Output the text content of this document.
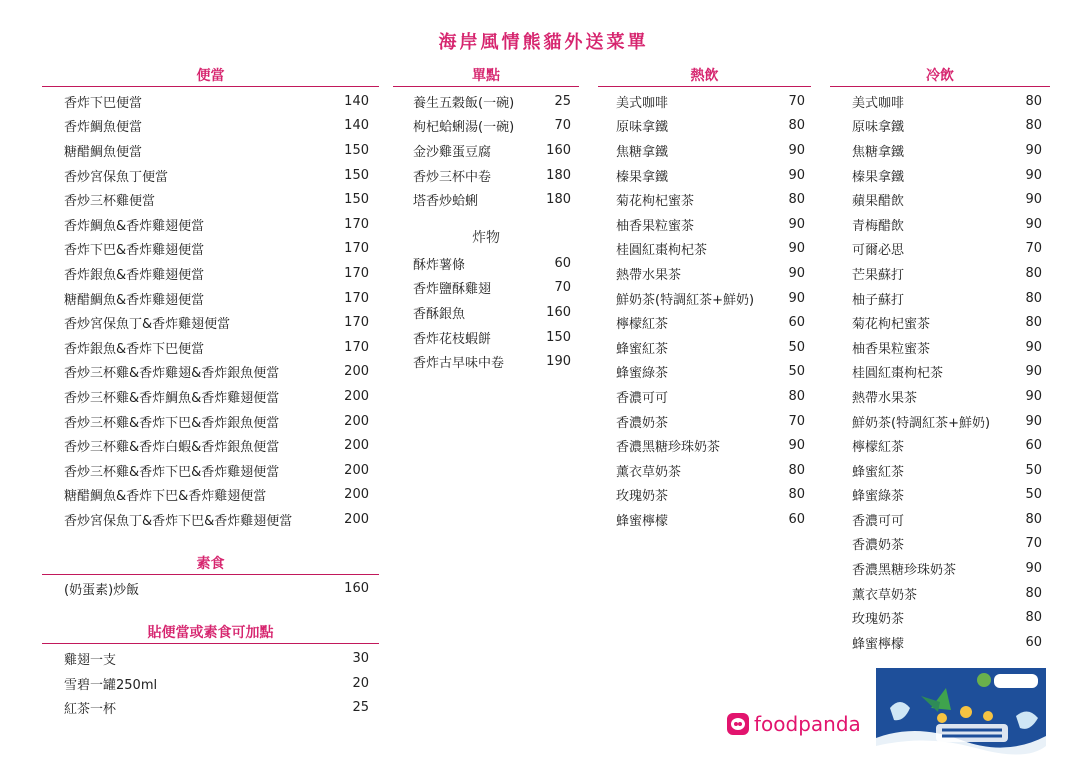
海岸風情熊貓外送菜單
便當
香炸下巴便當	140
香炸鯛魚便當	140
糖醋鯛魚便當	150
香炒宮保魚丁便當	150
香炒三杯雞便當	150
香炸鯛魚&香炸雞翅便當	170
香炸下巴&香炸雞翅便當	170
香炸銀魚&香炸雞翅便當	170
糖醋鯛魚&香炸雞翅便當	170
香炒宮保魚丁&香炸雞翅便當	170
香炸銀魚&香炸下巴便當	170
香炒三杯雞&香炸雞翅&香炸銀魚便當	200
香炒三杯雞&香炸鯛魚&香炸雞翅便當	200
香炒三杯雞&香炸下巴&香炸銀魚便當	200
香炒三杯雞&香炸白蝦&香炸銀魚便當	200
香炒三杯雞&香炸下巴&香炸雞翅便當	200
糖醋鯛魚&香炸下巴&香炸雞翅便當	200
香炒宮保魚丁&香炸下巴&香炸雞翅便當	200
素食
(奶蛋素)炒飯	160
貼便當或素食可加點
雞翅一支	30
雪碧一罐250ml	20
紅茶一杯	25
單點
養生五穀飯(一碗)	25
枸杞蛤蜊湯(一碗)	70
金沙雞蛋豆腐	160
香炒三杯中卷	180
塔香炒蛤蜊	180
炸物
酥炸薯條	60
香炸鹽酥雞翅	70
香酥銀魚	160
香炸花枝蝦餅	150
香炸古早味中卷	190
熱飲
美式咖啡	70
原味拿鐵	80
焦糖拿鐵	90
榛果拿鐵	90
菊花枸杞蜜茶	80
柚香果粒蜜茶	90
桂圓紅棗枸杞茶	90
熱帶水果茶	90
鮮奶茶(特調紅茶+鮮奶)	90
檸檬紅茶	60
蜂蜜紅茶	50
蜂蜜綠茶	50
香濃可可	80
香濃奶茶	70
香濃黑糖珍珠奶茶	90
薰衣草奶茶	80
玫瑰奶茶	80
蜂蜜檸檬	60
冷飲
美式咖啡	80
原味拿鐵	80
焦糖拿鐵	90
榛果拿鐵	90
蘋果醋飲	90
青梅醋飲	90
可爾必思	70
芒果蘇打	80
柚子蘇打	80
菊花枸杞蜜茶	80
柚香果粒蜜茶	90
桂圓紅棗枸杞茶	90
熱帶水果茶	90
鮮奶茶(特調紅茶+鮮奶)	90
檸檬紅茶	60
蜂蜜紅茶	50
蜂蜜綠茶	50
香濃可可	80
香濃奶茶	70
香濃黑糖珍珠奶茶	90
薰衣草奶茶	80
玫瑰奶茶	80
蜂蜜檸檬	60
foodpanda
